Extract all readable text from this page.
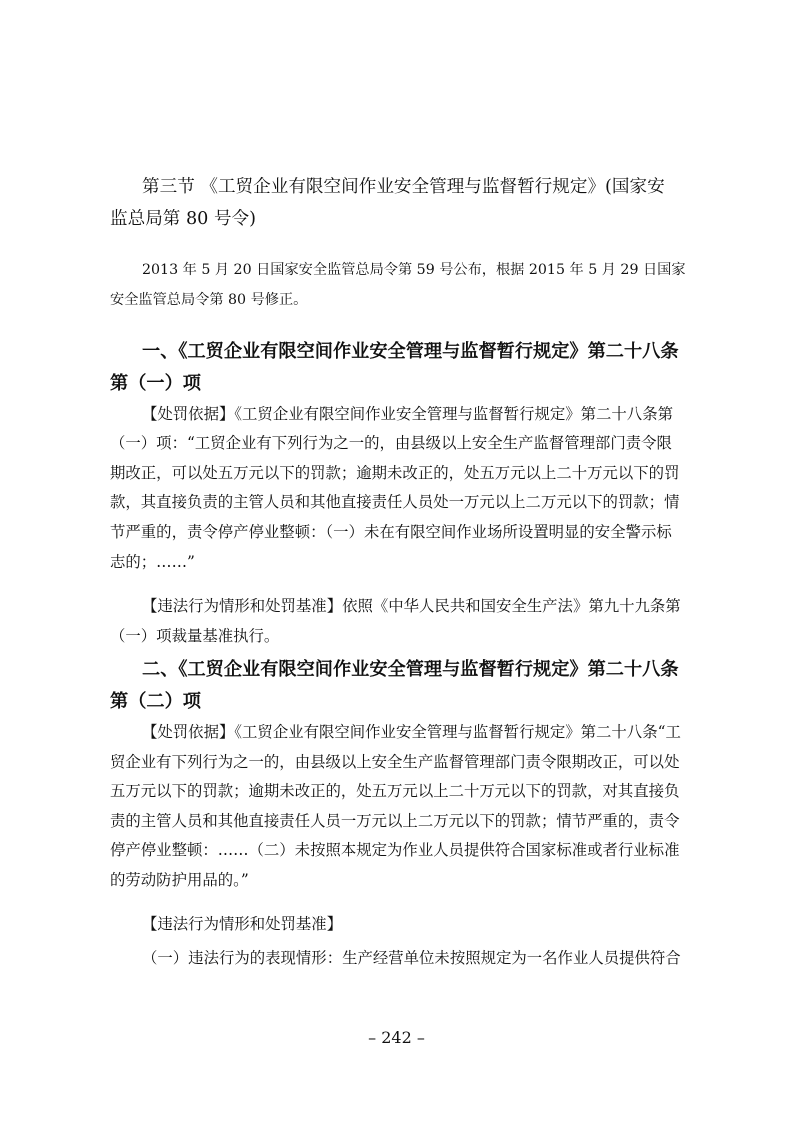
第三节 《工贸企业有限空间作业安全管理与监督暂行规定》(国家安
监总局第 80 号令)
2013 年 5 月 20 日国家安全监管总局令第 59 号公布，根据 2015 年 5 月 29 日国家
安全监管总局令第 80 号修正。
一、《工贸企业有限空间作业安全管理与监督暂行规定》第二十八条
第（一）项
【处罚依据】《工贸企业有限空间作业安全管理与监督暂行规定》第二十八条第
（一）项：“工贸企业有下列行为之一的，由县级以上安全生产监督管理部门责令限
期改正，可以处五万元以下的罚款；逾期未改正的，处五万元以上二十万元以下的罚
款，其直接负责的主管人员和其他直接责任人员处一万元以上二万元以下的罚款；情
节严重的，责令停产停业整顿：（一）未在有限空间作业场所设置明显的安全警示标
志的；……”
【违法行为情形和处罚基准】依照《中华人民共和国安全生产法》第九十九条第
（一）项裁量基准执行。
二、《工贸企业有限空间作业安全管理与监督暂行规定》第二十八条
第（二）项
【处罚依据】《工贸企业有限空间作业安全管理与监督暂行规定》第二十八条“工
贸企业有下列行为之一的，由县级以上安全生产监督管理部门责令限期改正，可以处
五万元以下的罚款；逾期未改正的，处五万元以上二十万元以下的罚款，对其直接负
责的主管人员和其他直接责任人员一万元以上二万元以下的罚款；情节严重的，责令
停产停业整顿：……（二）未按照本规定为作业人员提供符合国家标准或者行业标准
的劳动防护用品的。”
【违法行为情形和处罚基准】
（一）违法行为的表现情形：生产经营单位未按照规定为一名作业人员提供符合
– 242 –
